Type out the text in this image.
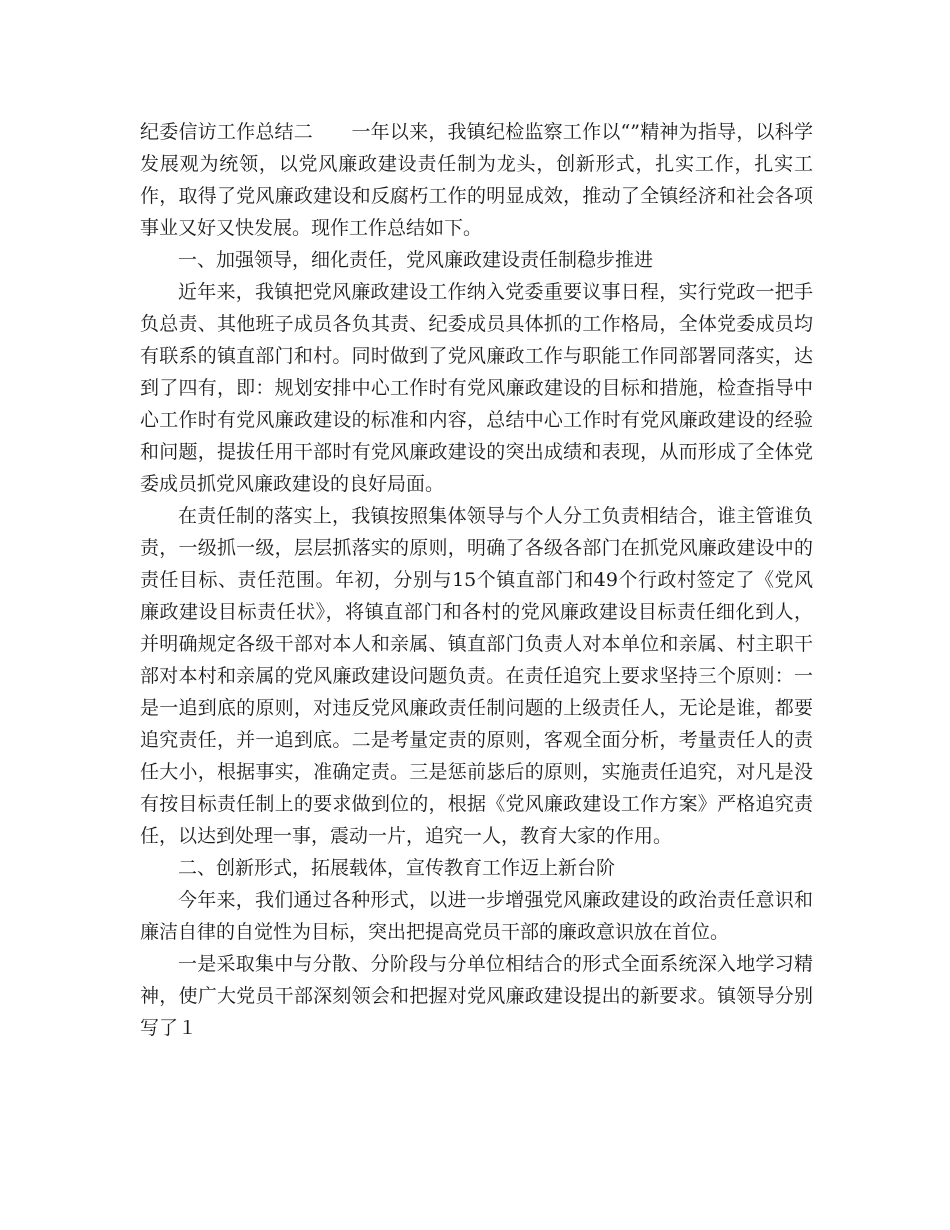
纪委信访工作总结二　　一年以来，我镇纪检监察工作以“”精神为指导，以科学发展观为统领，以党风廉政建设责任制为龙头，创新形式，扎实工作，扎实工作，取得了党风廉政建设和反腐朽工作的明显成效，推动了全镇经济和社会各项事业又好又快发展。现作工作总结如下。

一、加强领导，细化责任，党风廉政建设责任制稳步推进

近年来，我镇把党风廉政建设工作纳入党委重要议事日程，实行党政一把手负总责、其他班子成员各负其责、纪委成员具体抓的工作格局，全体党委成员均有联系的镇直部门和村。同时做到了党风廉政工作与职能工作同部署同落实，达到了四有，即：规划安排中心工作时有党风廉政建设的目标和措施，检查指导中心工作时有党风廉政建设的标准和内容，总结中心工作时有党风廉政建设的经验和问题，提拔任用干部时有党风廉政建设的突出成绩和表现，从而形成了全体党委成员抓党风廉政建设的良好局面。

在责任制的落实上，我镇按照集体领导与个人分工负责相结合，谁主管谁负责，一级抓一级，层层抓落实的原则，明确了各级各部门在抓党风廉政建设中的责任目标、责任范围。年初，分别与15个镇直部门和49个行政村签定了《党风廉政建设目标责任状》，将镇直部门和各村的党风廉政建设目标责任细化到人，并明确规定各级干部对本人和亲属、镇直部门负责人对本单位和亲属、村主职干部对本村和亲属的党风廉政建设问题负责。在责任追究上要求坚持三个原则：一是一追到底的原则，对违反党风廉政责任制问题的上级责任人，无论是谁，都要追究责任，并一追到底。二是考量定责的原则，客观全面分析，考量责任人的责任大小，根据事实，准确定责。三是惩前毖后的原则，实施责任追究，对凡是没有按目标责任制上的要求做到位的，根据《党风廉政建设工作方案》严格追究责任，以达到处理一事，震动一片，追究一人，教育大家的作用。

二、创新形式，拓展载体，宣传教育工作迈上新台阶

今年来，我们通过各种形式，以进一步增强党风廉政建设的政治责任意识和廉洁自律的自觉性为目标，突出把提高党员干部的廉政意识放在首位。

一是采取集中与分散、分阶段与分单位相结合的形式全面系统深入地学习精神，使广大党员干部深刻领会和把握对党风廉政建设提出的新要求。镇领导分别写了１
